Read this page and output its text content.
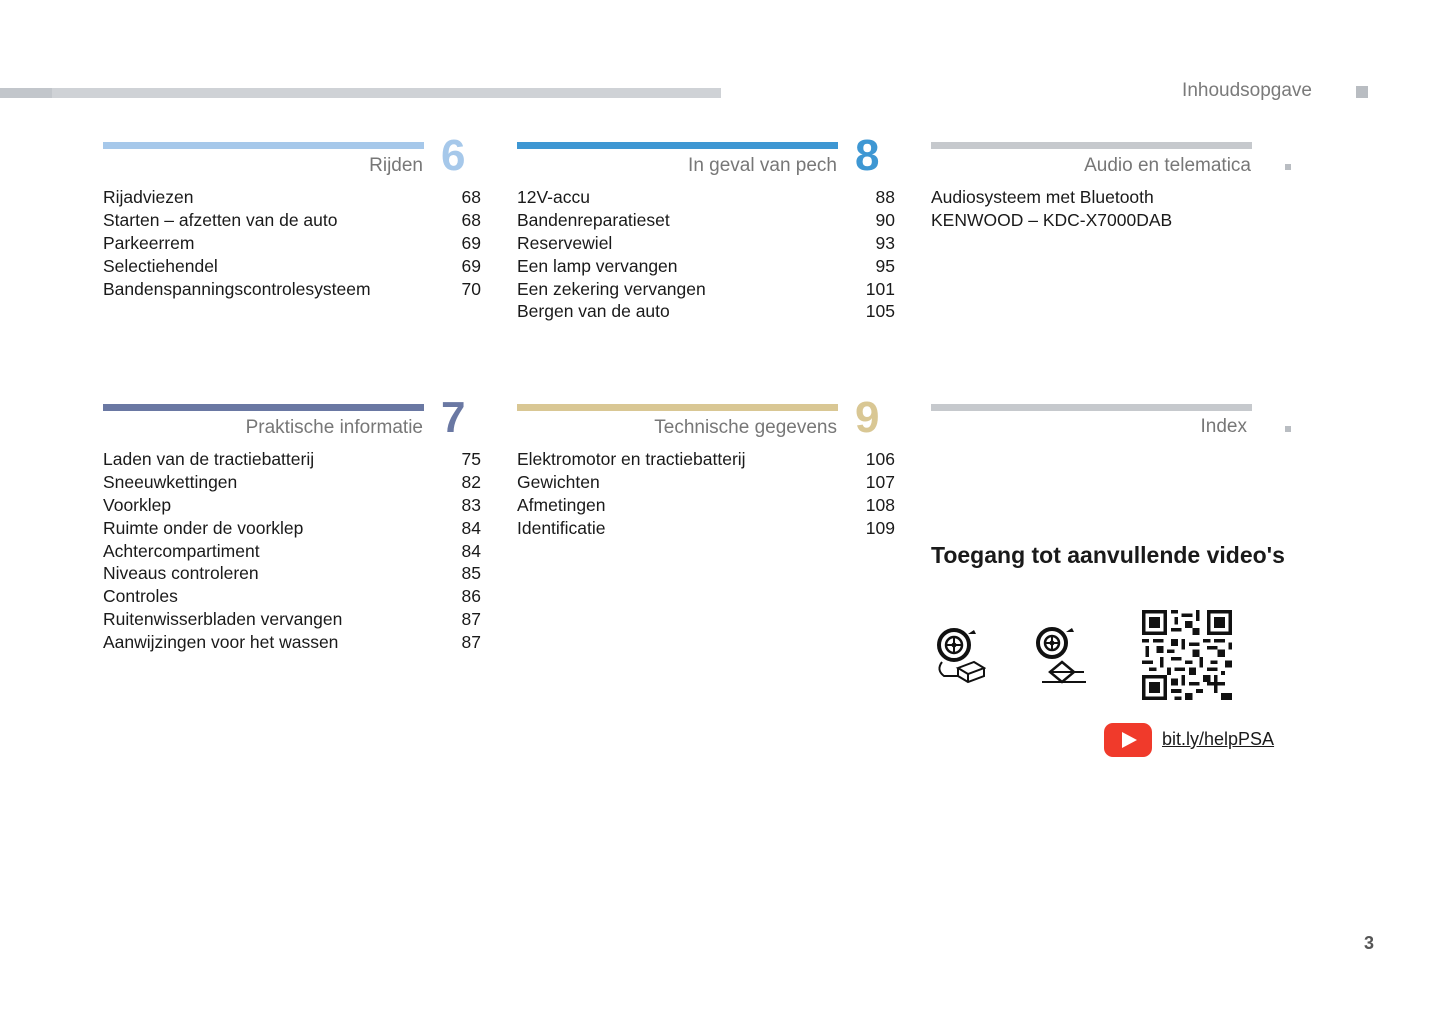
Inhoudsopgave
Rijden 6
Rijadviezen	68
Starten – afzetten van de auto	68
Parkeerrem	69
Selectiehendel	69
Bandenspanningscontrolesysteem	70
In geval van pech 8
12V-accu	88
Bandenreparatieset	90
Reservewiel	93
Een lamp vervangen	95
Een zekering vervangen	101
Bergen van de auto	105
Audio en telematica
Audiosysteem met Bluetooth
KENWOOD – KDC-X7000DAB
Praktische informatie 7
Laden van de tractiebatterij	75
Sneeuwkettingen	82
Voorklep	83
Ruimte onder de voorklep	84
Achtercompartiment	84
Niveaus controleren	85
Controles	86
Ruitenwisserbladen vervangen	87
Aanwijzingen voor het wassen	87
Technische gegevens 9
Elektromotor en tractiebatterij	106
Gewichten	107
Afmetingen	108
Identificatie	109
Index
Toegang tot aanvullende video's
bit.ly/helpPSA
3
